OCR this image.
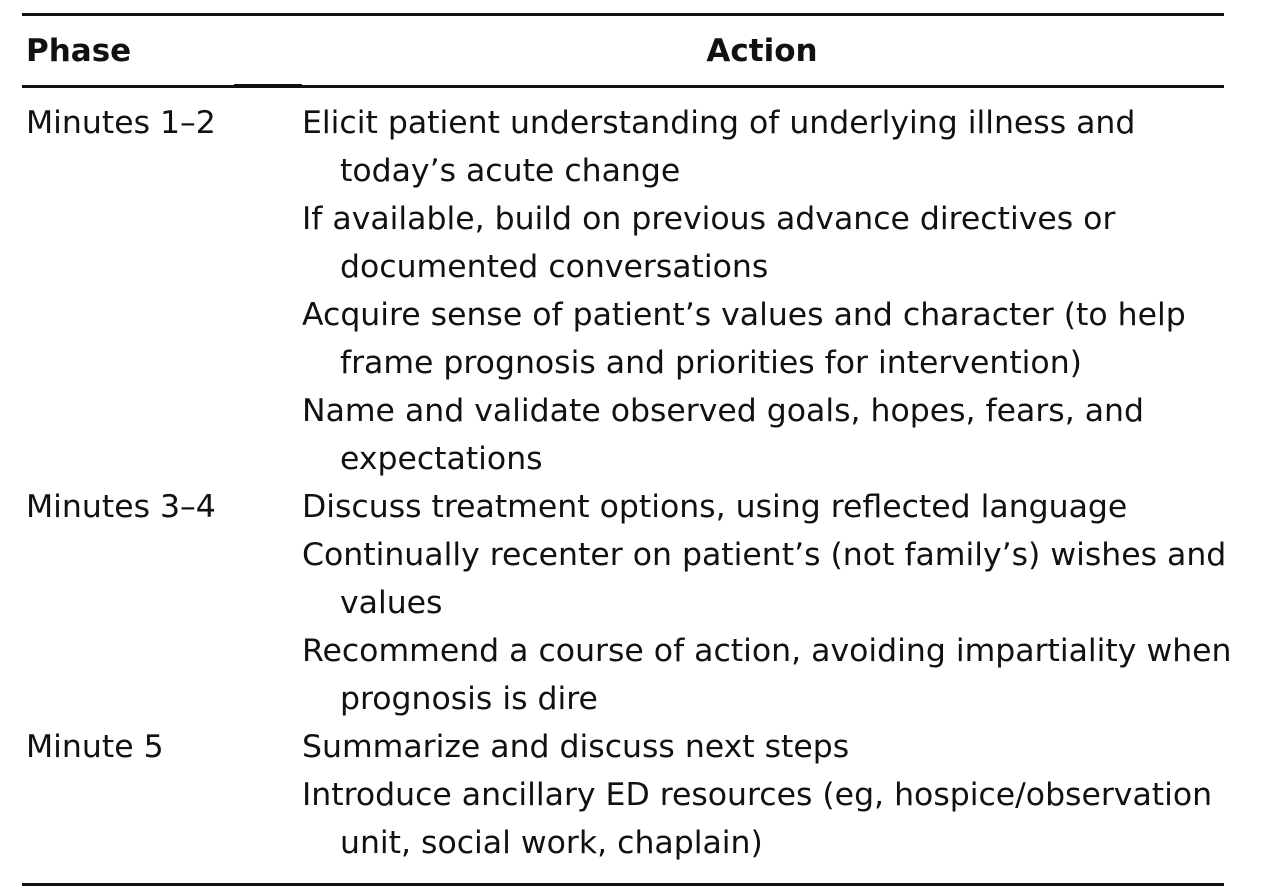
Phase	Action
Minutes 1–2	Elicit patient understanding of underlying illness and today’s acute change

If available, build on previous advance directives or documented conversations

Acquire sense of patient’s values and character (to help frame prognosis and priorities for intervention)

Name and validate observed goals, hopes, fears, and expectations

Minutes 3–4	Discuss treatment options, using reflected language

Continually recenter on patient’s (not family’s) wishes and values

Recommend a course of action, avoiding impartiality when prognosis is dire

Minute 5	Summarize and discuss next steps

Introduce ancillary ED resources (eg, hospice/observation unit, social work, chaplain)
